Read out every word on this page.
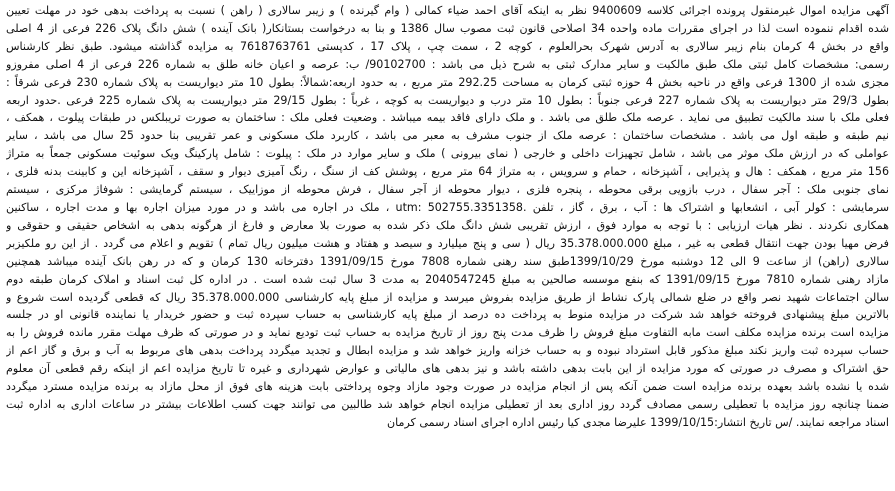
آگهی مزایده اموال غیرمنقول پرونده اجرائی کلاسه 9400609 نظر به اینکه آقای احمد ضیاء کمالی ( وام گیرنده ) و زیبر سالاری ( راهن ) نسبت به پرداخت بدهی خود در مهلت تعیین
شده اقدام ننموده است لذا در اجرای مقررات ماده واحده 34 اصلاحی قانون ثبت مصوب سال 1386 و بنا به درخواست بستانکار( بانک آینده ) شش دانگ پلاک 226 فرعی از 4 اصلی
واقع در بخش 4 کرمان بنام زیبر سالاری به آدرس شهرک بحرالعلوم ، کوچه 2 ، سمت چپ ، پلاک 17 ، کدپستی 7618763761 به مزایده گذاشته میشود. طبق نظر کارشناس
رسمی: مشخصات کامل ثبتی ملک طبق مالکیت و سایر مدارک ثبتی به شرح ذیل می باشد : 90102700/ ب: عرصه و اعیان خانه طلق به شماره 226 فرعی از 4 اصلی مفروزو
مجزی شده از 1300 فرعی واقع در ناحیه بخش 4 حوزه ثبتی کرمان به مساحت 292.25 متر مربع ، به حدود اربعه:شمالاً: بطول 10 متر دیواریست به پلاک شماره 230 فرعی شرقاً :
بطول 29/3 متر دیواریست به پلاک شماره 227 فرعی جنوباً : بطول 10 متر درب و دیواریست به کوچه ، غرباً : بطول 29/15 متر دیواریست به پلاک شماره 225 فرعی .حدود اربعه
فعلی ملک با سند مالکیت تطبیق می نماید . عرصه ملک طلق می باشد . و ملک دارای فاقد بیمه میباشد . وضعیت فعلی ملک : ساختمان به صورت تریبلکس در طبقات پیلوت ، همکف ،
نیم طبقه و طبقه اول می باشد . مشخصات ساختمان : عرصه ملک از جنوب مشرف به معبر می باشد ، کاربرد ملک مسکونی و عمر تقریبی بنا حدود 25 سال می باشد ، سایر
عواملی که در ارزش ملک موثر می باشد ، شامل تجهیزات داخلی و خارجی ( نمای بیرونی ) ملک و سایر موارد در ملک : پیلوت : شامل پارکینگ ویک سوئیت مسکونی جمعاً به متراژ
156 متر مربع ، همکف : هال و پذیرایی ، آشپزخانه ، حمام و سرویس ، به متراژ 64 متر مربع ، پوشش کف از سنگ ، رنگ آمیزی دیوار و سقف ، آشپزخانه این و کابینت بدنه فلزی ،
نمای جنوبی ملک : آجر سفال ، درب بازویی برقی محوطه ، پنجره فلزی ، دیوار محوطه از آجر سفال ، فرش محوطه از موزاییک ، سیستم گرمایشی : شوفاژ مرکزی ، سیستم
سرمایشی : کولر آبی ، انشعابها و اشتراک ها : آب ، برق ، گاز ، تلفن .utm: 502755.3351358 ، ملک در اجاره می باشد و در مورد میزان اجاره بها و مدت اجاره ، ساکنین
همکاری نکردند . نظر هیات ارزیابی : با توجه به موارد فوق ، ارزش تقریبی شش دانگ ملک ذکر شده به صورت بلا معارض و فارغ از هرگونه بدهی به اشخاص حقیقی و حقوقی و
فرض مهیا بودن جهت انتقال قطعی به غیر ، مبلغ 35.378.000.000 ریال ( سی و پنج میلیارد و سیصد و هفتاد و هشت میلیون ریال تمام ) تقویم و اعلام می گردد . از این رو ملکیزبر
سالاری (راهن) از ساعت 9 الی 12 دوشنبه مورخ 1399/10/29طبق سند رهنی شماره 7808 مورخ 1391/09/15 دفترخانه 130 کرمان و که در رهن بانک آینده میباشد همچنین
مازاد رهنی شماره 7810 مورخ 1391/09/15 که بنفع موسسه صالحین به مبلغ 2040547245 به مدت 3 سال ثبت شده است . در اداره کل ثبت اسناد و املاک کرمان طبقه دوم
سالن اجتماعات شهید نصر واقع در ضلع شمالی پارک نشاط از طریق مزایده بفروش میرسد و مزایده از مبلغ پایه کارشناسی 35.378.000.000 ریال که قطعی گردیده است شروع و
بالاترین مبلغ پیشنهادی فروخته خواهد شد شرکت در مزایده منوط به پرداخت ده درصد از مبلغ پایه کارشناسی به حساب سپرده ثبت و حضور خریدار یا نماینده قانونی او در جلسه
مزایده است برنده مزایده مکلف است مابه التفاوت مبلغ فروش را ظرف مدت پنج روز از تاریخ مزایده به حساب ثبت تودیع نماید و در صورتی که ظرف مهلت مقرر مانده فروش را به
حساب سپرده ثبت واریز نکند مبلغ مذکور قابل استرداد نبوده و به حساب خزانه واریز خواهد شد و مزایده ابطال و تجدید میگردد پرداخت بدهی های مربوط به آب و برق و گاز اعم از
حق اشتراک و مصرف در صورتی که مورد مزایده از این بابت بدهی داشته باشد و نیز بدهی های مالیاتی و عوارض شهرداری و غیره تا تاریخ مزایده اعم از اینکه رقم قطعی آن معلوم
شده یا نشده باشد بعهده برنده مزایده است ضمن آنکه پس از انجام مزایده در صورت وجود مازاد وجوه پرداختی بابت هزینه های فوق از محل مازاد به برنده مزایده مسترد میگردد
ضمنا چنانچه روز مزایده با تعطیلی رسمی مصادف گردد روز اداری بعد از تعطیلی مزایده انجام خواهد شد طالبین می توانند جهت کسب اطلاعات بیشتر در ساعات اداری به اداره ثبت
اسناد مراجعه نمایند. /س تاریخ انتشار:1399/10/15 علیرضا مجدی کیا رئیس اداره اجرای اسناد رسمی کرمان
